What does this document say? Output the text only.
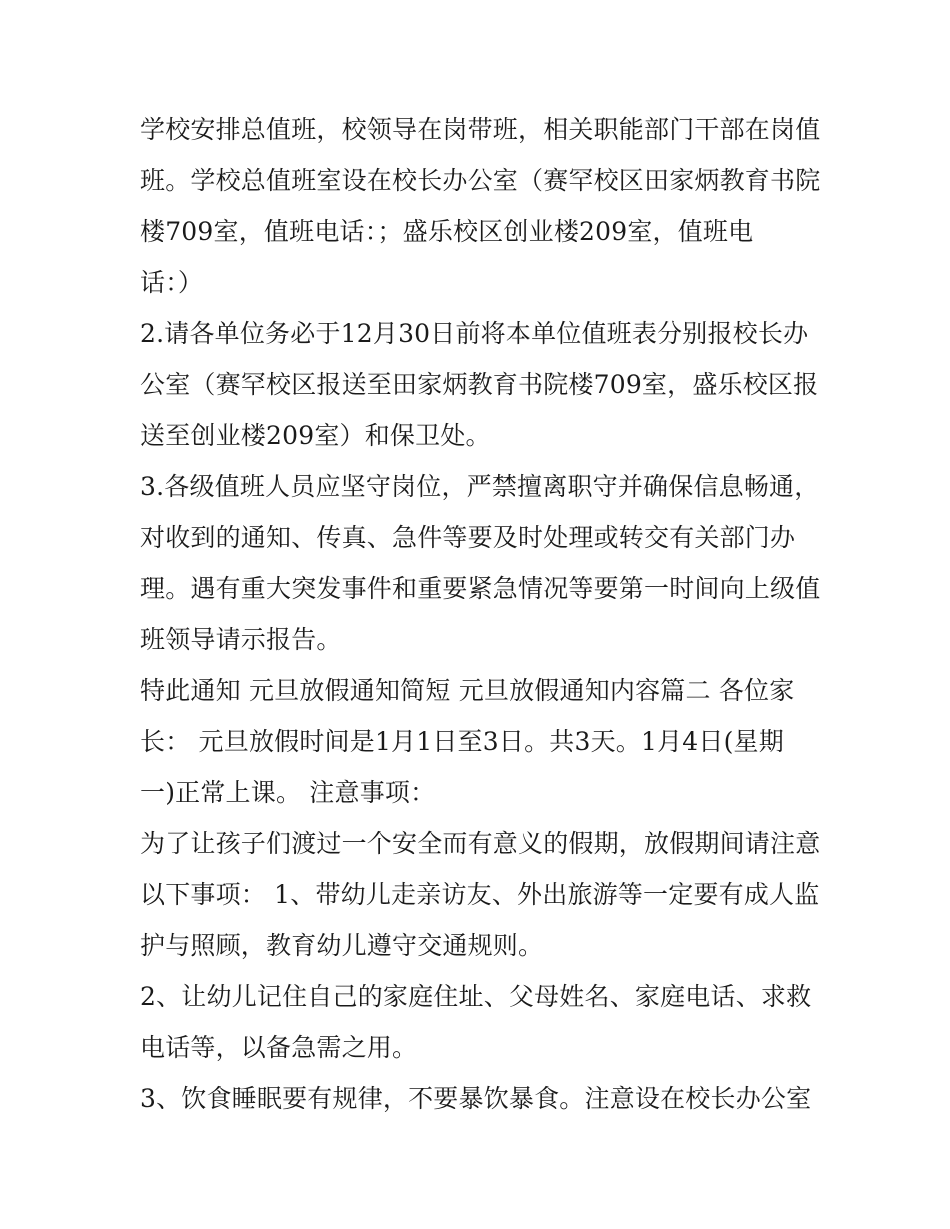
学校安排总值班，校领导在岗带班，相关职能部门干部在岗值
班。学校总值班室设在校长办公室（赛罕校区田家炳教育书院
楼709室，值班电话：；盛乐校区创业楼209室，值班电
话：）
2.请各单位务必于12月30日前将本单位值班表分别报校长办
公室（赛罕校区报送至田家炳教育书院楼709室，盛乐校区报
送至创业楼209室）和保卫处。
3.各级值班人员应坚守岗位，严禁擅离职守并确保信息畅通，
对收到的通知、传真、急件等要及时处理或转交有关部门办
理。遇有重大突发事件和重要紧急情况等要第一时间向上级值
班领导请示报告。
特此通知 元旦放假通知简短 元旦放假通知内容篇二 各位家
长： 元旦放假时间是1月1日至3日。共3天。1月4日(星期
一)正常上课。 注意事项：
为了让孩子们渡过一个安全而有意义的假期，放假期间请注意
以下事项： 1、带幼儿走亲访友、外出旅游等一定要有成人监
护与照顾，教育幼儿遵守交通规则。
2、让幼儿记住自己的家庭住址、父母姓名、家庭电话、求救
电话等，以备急需之用。
3、饮食睡眠要有规律，不要暴饮暴食。注意设在校长办公室
